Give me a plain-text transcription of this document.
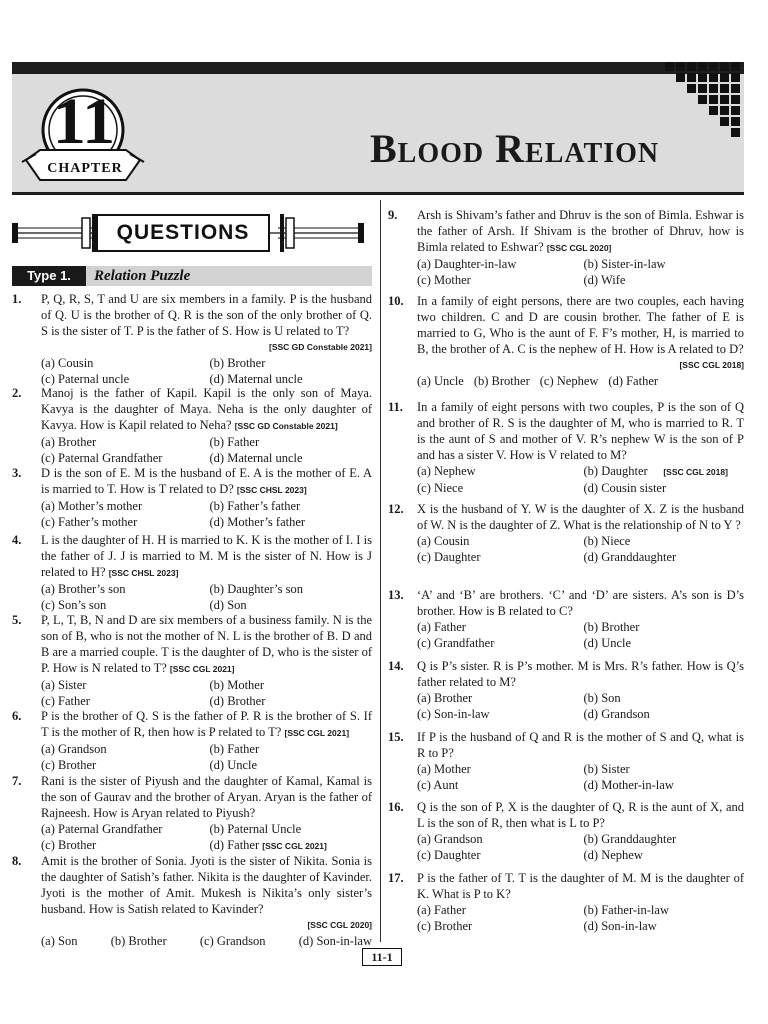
11
CHAPTER	Blood Relation
QUESTIONS
Type 1.	Relation Puzzle
1. P, Q, R, S, T and U are six members in a family. P is the husband of Q. U is the brother of Q. R is the son of the only brother of Q. S is the sister of T. P is the father of S. How is U related to T?
[SSC GD Constable 2021]
(a) Cousin	(b) Brother
(c) Paternal uncle	(d) Maternal uncle
2. Manoj is the father of Kapil. Kapil is the only son of Maya. Kavya is the daughter of Maya. Neha is the only daughter of Kavya. How is Kapil related to Neha? [SSC GD Constable 2021]
(a) Brother	(b) Father
(c) Paternal Grandfather	(d) Maternal uncle
3. D is the son of E. M is the husband of E. A is the mother of E. A is married to T. How is T related to D? [SSC CHSL 2023]
(a) Mother’s mother	(b) Father’s father
(c) Father’s mother	(d) Mother’s father
4. L is the daughter of H. H is married to K. K is the mother of I. I is the father of J. J is married to M. M is the sister of N. How is J related to H? [SSC CHSL 2023]
(a) Brother’s son	(b) Daughter’s son
(c) Son’s son	(d) Son
5. P, L, T, B, N and D are six members of a business family. N is the son of B, who is not the mother of N. L is the brother of B. D and B are a married couple. T is the daughter of D, who is the sister of P. How is N related to T? [SSC CGL 2021]
(a) Sister	(b) Mother
(c) Father	(d) Brother
6. P is the brother of Q. S is the father of P. R is the brother of S. If T is the mother of R, then how is P related to T? [SSC CGL 2021]
(a) Grandson	(b) Father
(c) Brother	(d) Uncle
7. Rani is the sister of Piyush and the daughter of Kamal, Kamal is the son of Gaurav and the brother of Aryan. Aryan is the father of Rajneesh. How is Aryan related to Piyush?
(a) Paternal Grandfather	(b) Paternal Uncle
(c) Brother	(d) Father [SSC CGL 2021]
8. Amit is the brother of Sonia. Jyoti is the sister of Nikita. Sonia is the daughter of Satish’s father. Nikita is the daughter of Kavinder. Jyoti is the mother of Amit. Mukesh is Nikita’s only sister’s husband. How is Satish related to Kavinder?
[SSC CGL 2020]
(a) Son	(b) Brother	(c) Grandson	(d) Son-in-law
9. Arsh is Shivam’s father and Dhruv is the son of Bimla. Eshwar is the father of Arsh. If Shivam is the brother of Dhruv, how is Bimla related to Eshwar? [SSC CGL 2020]
(a) Daughter-in-law	(b) Sister-in-law
(c) Mother	(d) Wife
10. In a family of eight persons, there are two couples, each having two children. C and D are cousin brother. The father of E is married to G, Who is the aunt of F. F’s mother, H, is married to B, the brother of A. C is the nephew of H. How is A related to D?
[SSC CGL 2018]
(a) Uncle (b) Brother (c) Nephew (d) Father
11. In a family of eight persons with two couples, P is the son of Q and brother of R. S is the daughter of M, who is married to R. T is the aunt of S and mother of V. R’s nephew W is the son of P and has a sister V. How is V related to M?
(a) Nephew	(b) Daughter [SSC CGL 2018]
(c) Niece	(d) Cousin sister
12. X is the husband of Y. W is the daughter of X. Z is the husband of W. N is the daughter of Z. What is the relationship of N to Y ?
(a) Cousin	(b) Niece
(c) Daughter	(d) Granddaughter
13. ‘A’ and ‘B’ are brothers. ‘C’ and ‘D’ are sisters. A’s son is D’s brother. How is B related to C?
(a) Father	(b) Brother
(c) Grandfather	(d) Uncle
14. Q is P’s sister. R is P’s mother. M is Mrs. R’s father. How is Q’s father related to M?
(a) Brother	(b) Son
(c) Son-in-law	(d) Grandson
15. If P is the husband of Q and R is the mother of S and Q, what is R to P?
(a) Mother	(b) Sister
(c) Aunt	(d) Mother-in-law
16. Q is the son of P, X is the daughter of Q, R is the aunt of X, and L is the son of R, then what is L to P?
(a) Grandson	(b) Granddaughter
(c) Daughter	(d) Nephew
17. P is the father of T. T is the daughter of M. M is the daughter of K. What is P to K?
(a) Father	(b) Father-in-law
(c) Brother	(d) Son-in-law
11-1
